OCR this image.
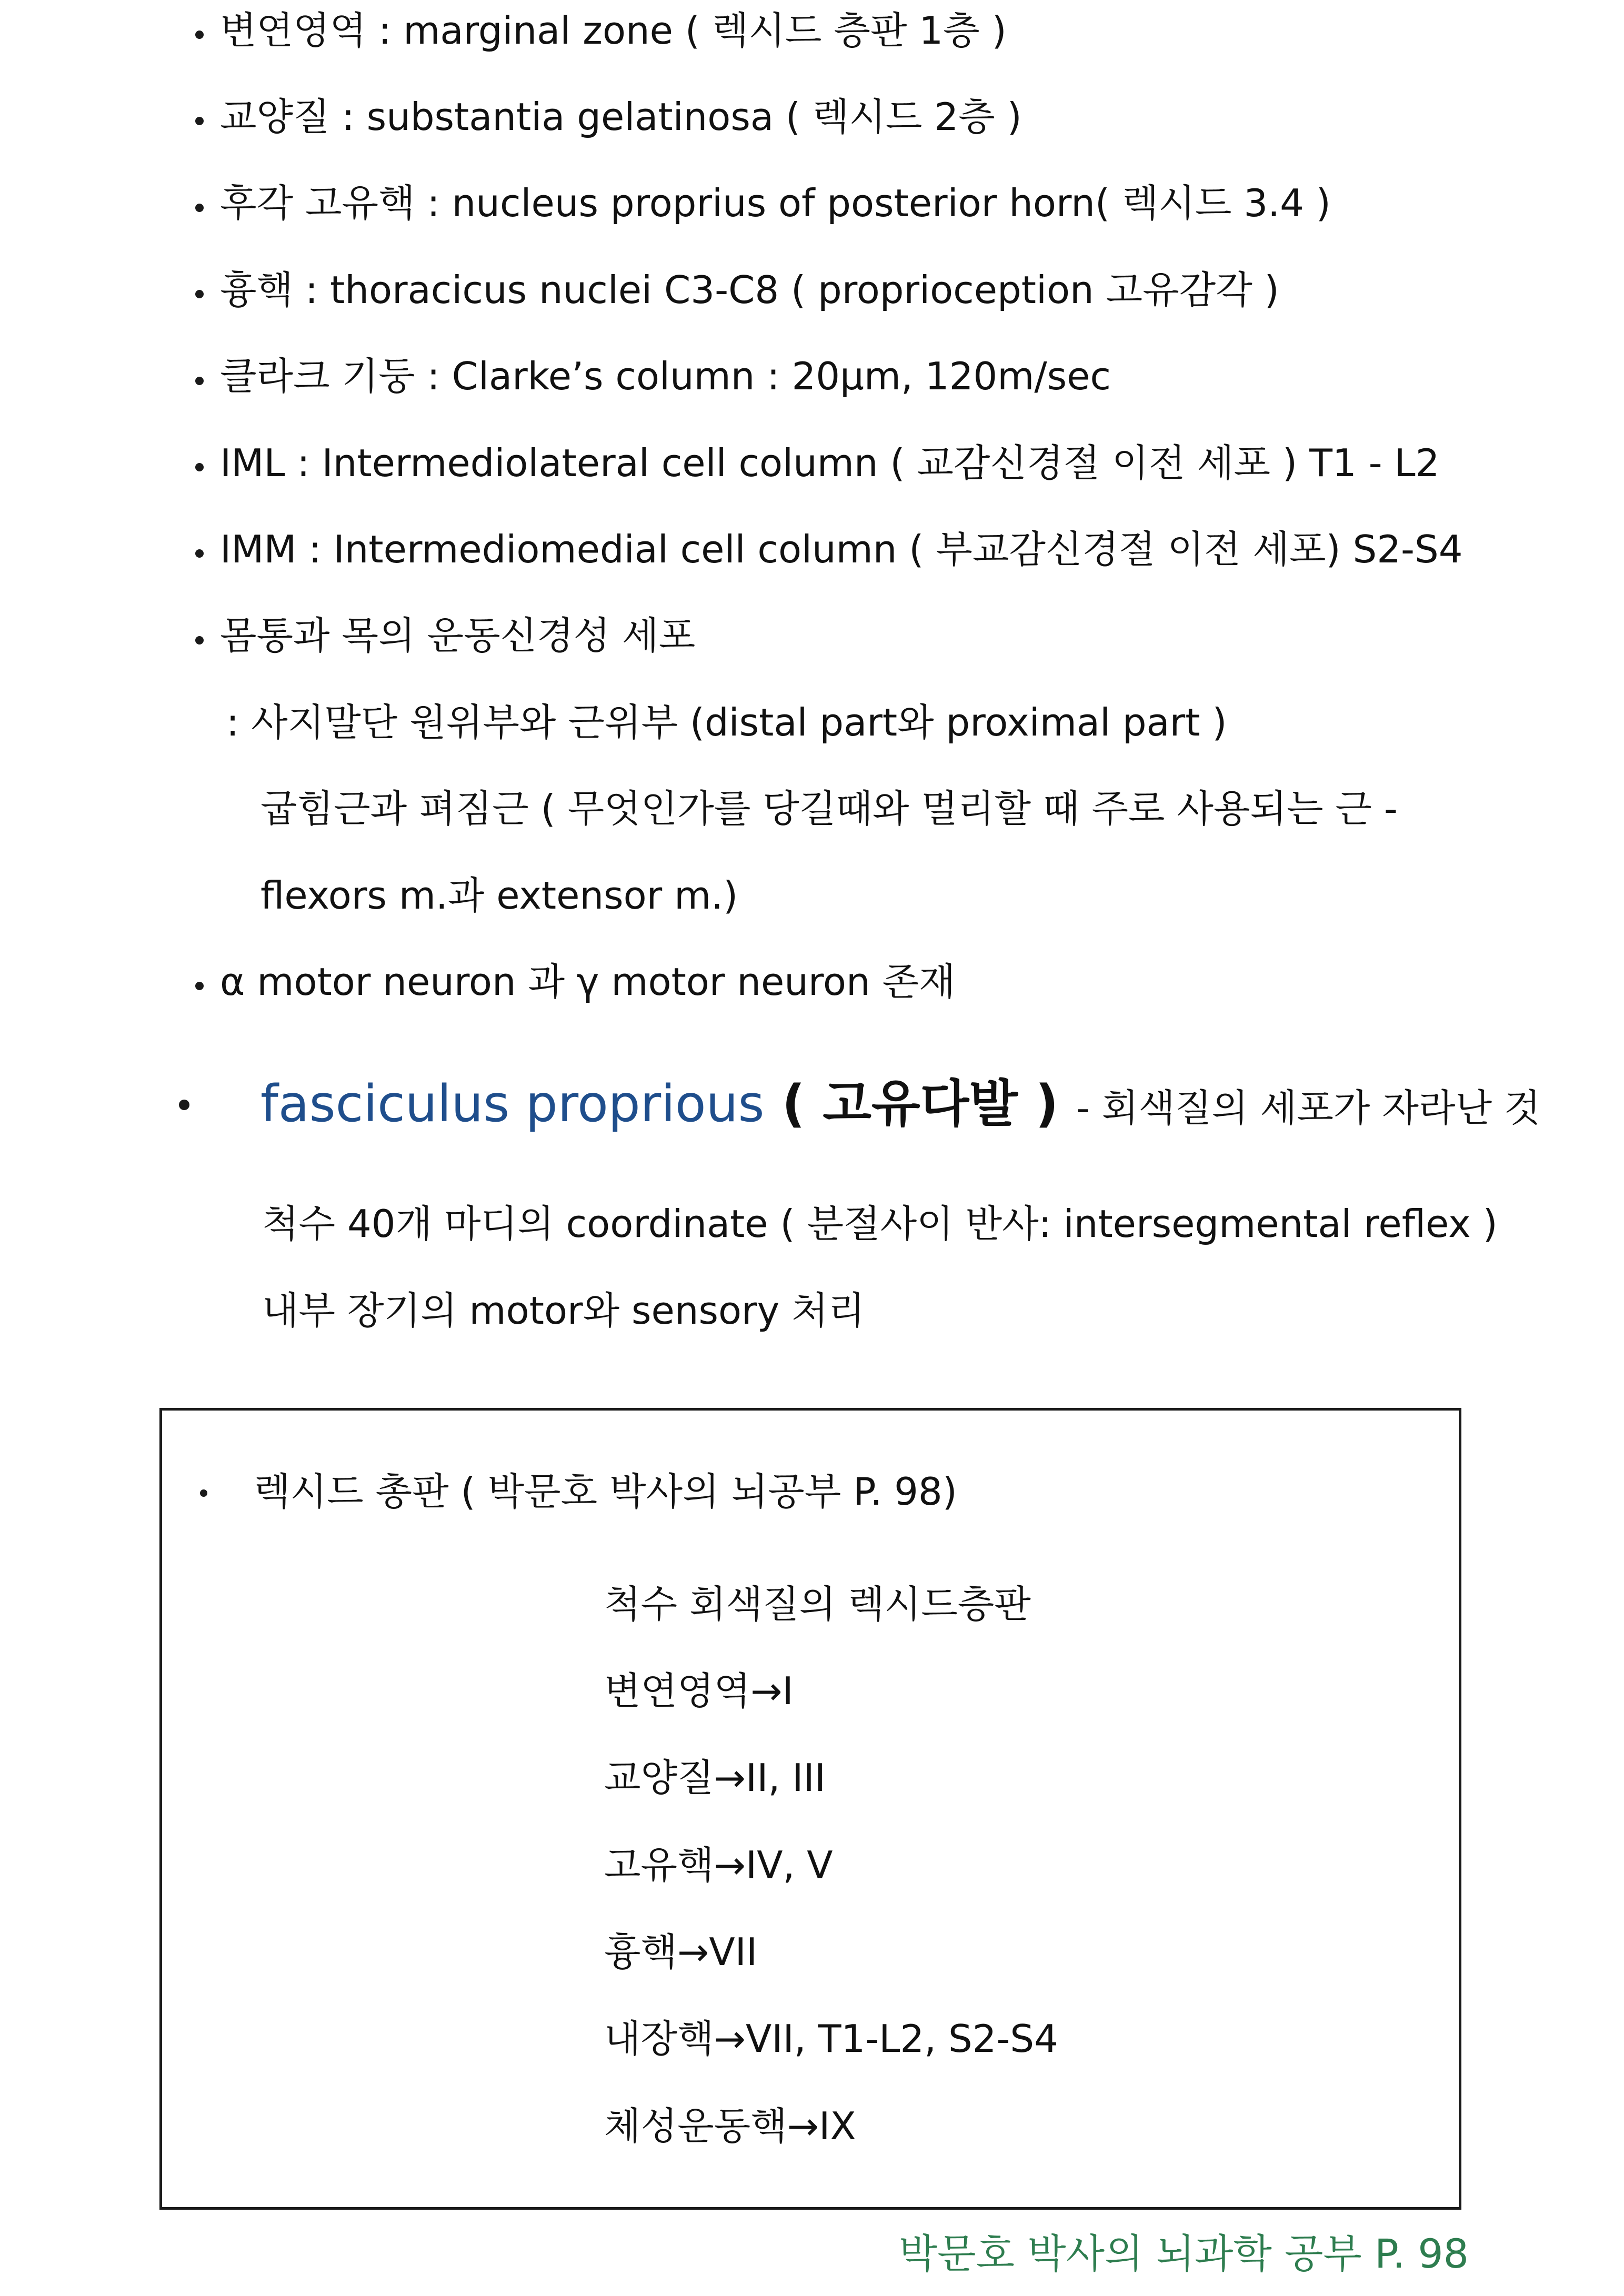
변연영역 : marginal zone ( 렉시드 층판 1층 )
교양질 : substantia gelatinosa ( 렉시드 2층 )
후각 고유핵 : nucleus proprius of posterior horn( 렉시드 3.4 )
흉핵 : thoracicus nuclei C3-C8 ( proprioception 고유감각 )
클라크 기둥 : Clarke’s column : 20μm, 120m/sec
IML : Intermediolateral cell column ( 교감신경절 이전 세포 ) T1 - L2
IMM : Intermediomedial cell column ( 부교감신경절 이전 세포) S2-S4
몸통과 목의 운동신경성 세포
: 사지말단 원위부와 근위부 (distal part와 proximal part )
굽힘근과 펴짐근 ( 무엇인가를 당길때와 멀리할 때 주로 사용되는 근 -
flexors m.과 extensor m.)
α motor neuron 과 γ motor neuron 존재
fasciculus proprious ( 고유다발 ) - 회색질의 세포가 자라난 것
척수 40개 마디의 coordinate ( 분절사이 반사: intersegmental reflex )
내부 장기의 motor와 sensory 처리
렉시드 총판 ( 박문호 박사의 뇌공부 P. 98)
척수 회색질의 렉시드층판
변연영역→I
교양질→II, III
고유핵→IV, V
흉핵→VII
내장핵→VII, T1-L2, S2-S4
체성운동핵→IX
박문호 박사의 뇌과학 공부 P. 98
